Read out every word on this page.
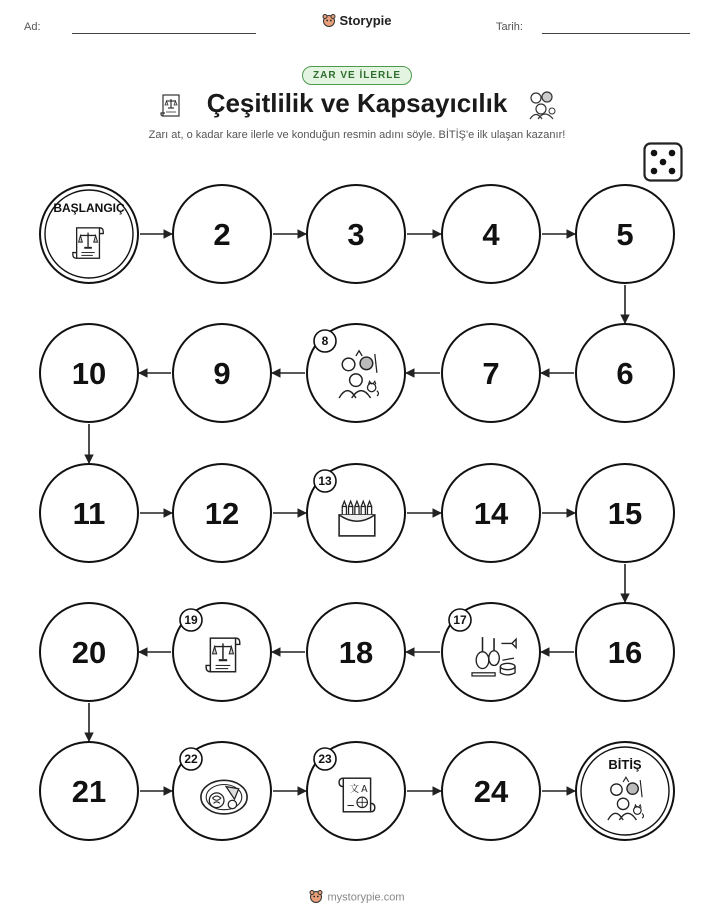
Ad:	Storypie	Tarih:
ZAR VE İLERLE
Çeşitlilik ve Kapsayıcılık
Zarı at, o kadar kare ilerle ve konduğun resmin adını söyle. BİTİŞ'e ilk ulaşan kazanır!
BAŞLANGIÇ
2	3	4	5
6
7
8
9
10
11	12
13
14	15
16
17
18
19
20
21
22	23
24
BİTİŞ
mystorypie.com
